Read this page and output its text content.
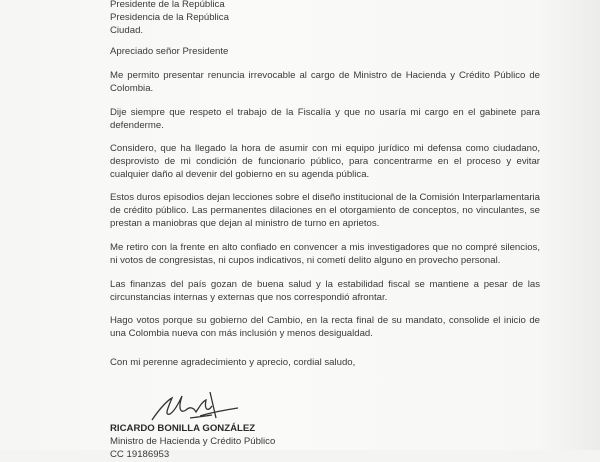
Presidente de la República
Presidencia de la República
Ciudad.
Apreciado señor Presidente
Me permito presentar renuncia irrevocable al cargo de Ministro de Hacienda y Crédito Público de Colombia.
Dije siempre que respeto el trabajo de la Fiscalía y que no usaría mi cargo en el gabinete para defenderme.
Considero, que ha llegado la hora de asumir con mi equipo jurídico mi defensa como ciudadano, desprovisto de mi condición de funcionario público, para concentrarme en el proceso y evitar cualquier daño al devenir del gobierno en su agenda pública.
Estos duros episodios dejan lecciones sobre el diseño institucional de la Comisión Interparlamentaria de crédito público. Las permanentes dilaciones en el otorgamiento de conceptos, no vinculantes, se prestan a maniobras que dejan al ministro de turno en aprietos.
Me retiro con la frente en alto confiado en convencer a mis investigadores que no compré silencios, ni votos de congresistas, ni cupos indicativos, ni cometí delito alguno en provecho personal.
Las finanzas del país gozan de buena salud y la estabilidad fiscal se mantiene a pesar de las circunstancias internas y externas que nos correspondió afrontar.
Hago votos porque su gobierno del Cambio, en la recta final de su mandato, consolide el inicio de una Colombia nueva con más inclusión y menos desigualdad.
Con mi perenne agradecimiento y aprecio, cordial saludo,
RICARDO BONILLA GONZÁLEZ
Ministro de Hacienda y Crédito Público
CC 19186953
